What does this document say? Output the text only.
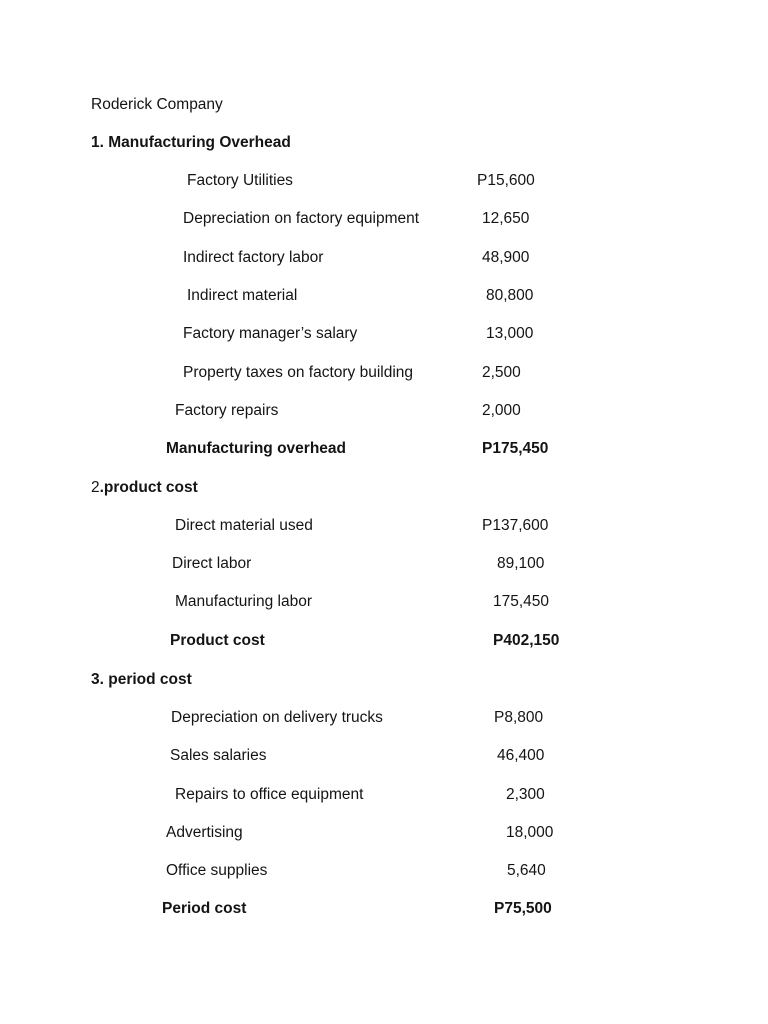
Roderick Company
1. Manufacturing Overhead
Factory Utilities	P15,600
Depreciation on factory equipment	12,650
Indirect factory labor	48,900
Indirect material	80,800
Factory manager’s salary	13,000
Property taxes on factory building	2,500
Factory repairs	2,000
Manufacturing overhead	P175,450
2.product cost
Direct material used	P137,600
Direct labor	89,100
Manufacturing labor	175,450
Product cost	P402,150
3. period cost
Depreciation on delivery trucks	P8,800
Sales salaries	46,400
Repairs to office equipment	2,300
Advertising	18,000
Office supplies	5,640
Period cost	P75,500
